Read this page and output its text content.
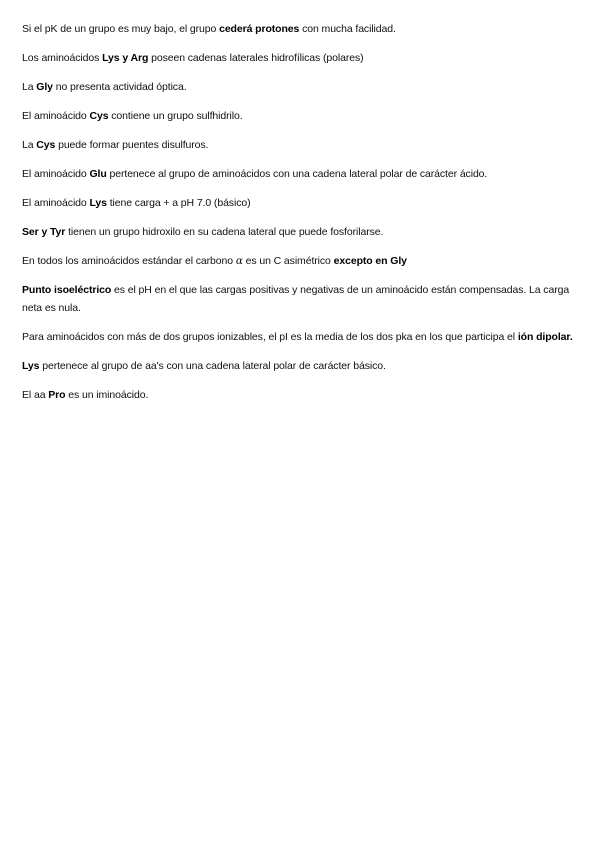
Si el pK de un grupo es muy bajo, el grupo cederá protones con mucha facilidad.

Los aminoácidos Lys y Arg poseen cadenas laterales hidrofílicas (polares)

La Gly no presenta actividad óptica.

El aminoácido Cys contiene un grupo sulfhidrilo.

La Cys puede formar puentes disulfuros.

El aminoácido Glu pertenece al grupo de aminoácidos con una cadena lateral polar de carácter ácido.

El aminoácido Lys tiene carga + a pH 7.0 (básico)

Ser y Tyr tienen un grupo hidroxilo en su cadena lateral que puede fosforilarse.

En todos los aminoácidos estándar el carbono α es un C asimétrico excepto en Gly

Punto isoeléctrico es el pH en el que las cargas positivas y negativas de un aminoácido están compensadas. La carga neta es nula.

Para aminoácidos con más de dos grupos ionizables, el pI es la media de los dos pka en los que participa el ión dipolar.

Lys pertenece al grupo de aa's con una cadena lateral polar de carácter básico.

El aa Pro es un iminoácido.
